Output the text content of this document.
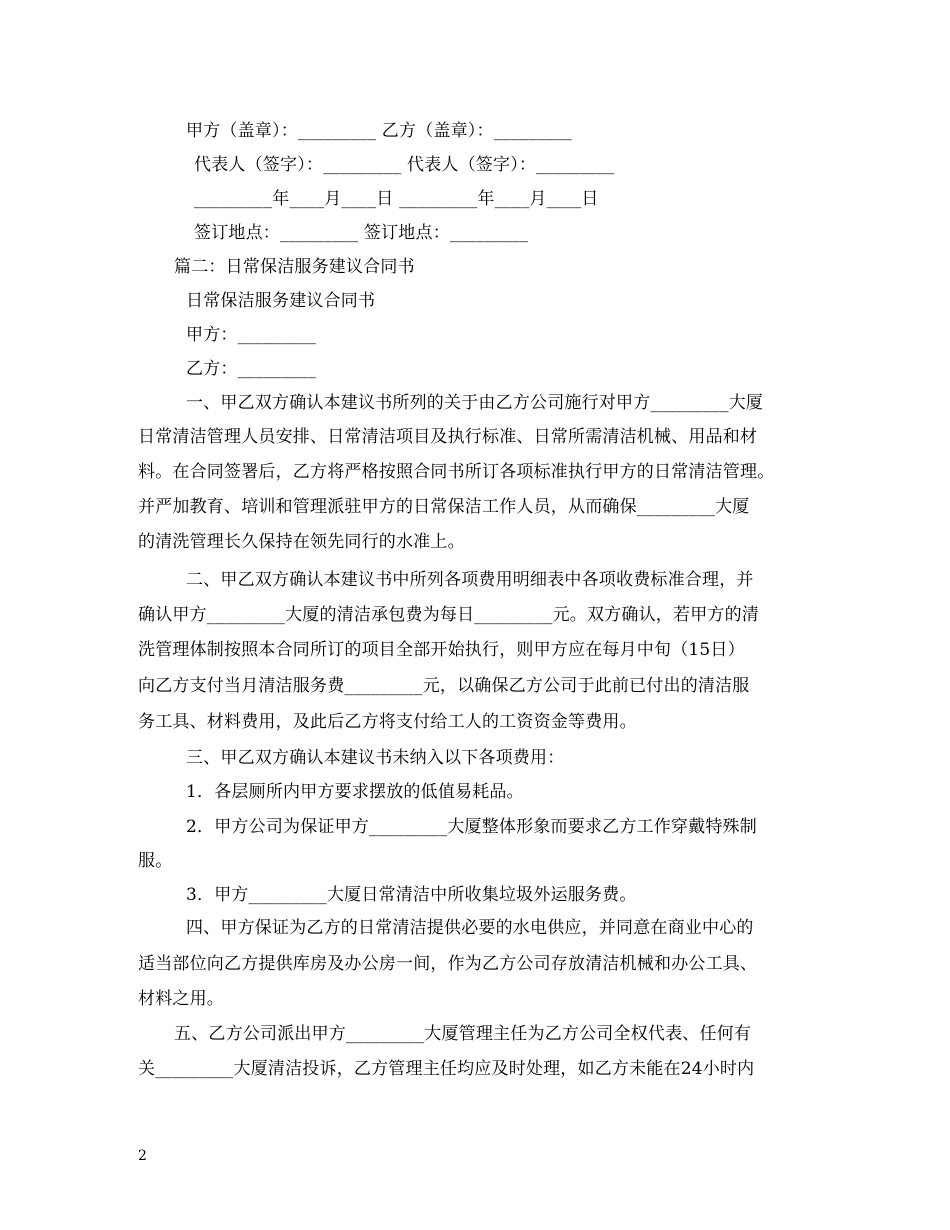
甲方（盖章）：_________ 乙方（盖章）：_________
代表人（签字）：_________ 代表人（签字）：_________
_________年____月____日 _________年____月____日
签订地点：_________ 签订地点：_________
篇二：日常保洁服务建议合同书
日常保洁服务建议合同书
甲方：_________
乙方：_________
一、甲乙双方确认本建议书所列的关于由乙方公司施行对甲方_________大厦
日常清洁管理人员安排、日常清洁项目及执行标准、日常所需清洁机械、用品和材
料。在合同签署后，乙方将严格按照合同书所订各项标准执行甲方的日常清洁管理。
并严加教育、培训和管理派驻甲方的日常保洁工作人员，从而确保_________大厦
的清洗管理长久保持在领先同行的水准上。
二、甲乙双方确认本建议书中所列各项费用明细表中各项收费标准合理，并
确认甲方_________大厦的清洁承包费为每日_________元。双方确认，若甲方的清
洗管理体制按照本合同所订的项目全部开始执行，则甲方应在每月中旬（15日）
向乙方支付当月清洁服务费_________元，以确保乙方公司于此前已付出的清洁服
务工具、材料费用，及此后乙方将支付给工人的工资资金等费用。
三、甲乙双方确认本建议书未纳入以下各项费用：
1．各层厕所内甲方要求摆放的低值易耗品。
2．甲方公司为保证甲方_________大厦整体形象而要求乙方工作穿戴特殊制
服。
3．甲方_________大厦日常清洁中所收集垃圾外运服务费。
四、甲方保证为乙方的日常清洁提供必要的水电供应，并同意在商业中心的
适当部位向乙方提供库房及办公房一间，作为乙方公司存放清洁机械和办公工具、
材料之用。
五、乙方公司派出甲方_________大厦管理主任为乙方公司全权代表、任何有
关_________大厦清洁投诉，乙方管理主任均应及时处理，如乙方未能在24小时内
2
